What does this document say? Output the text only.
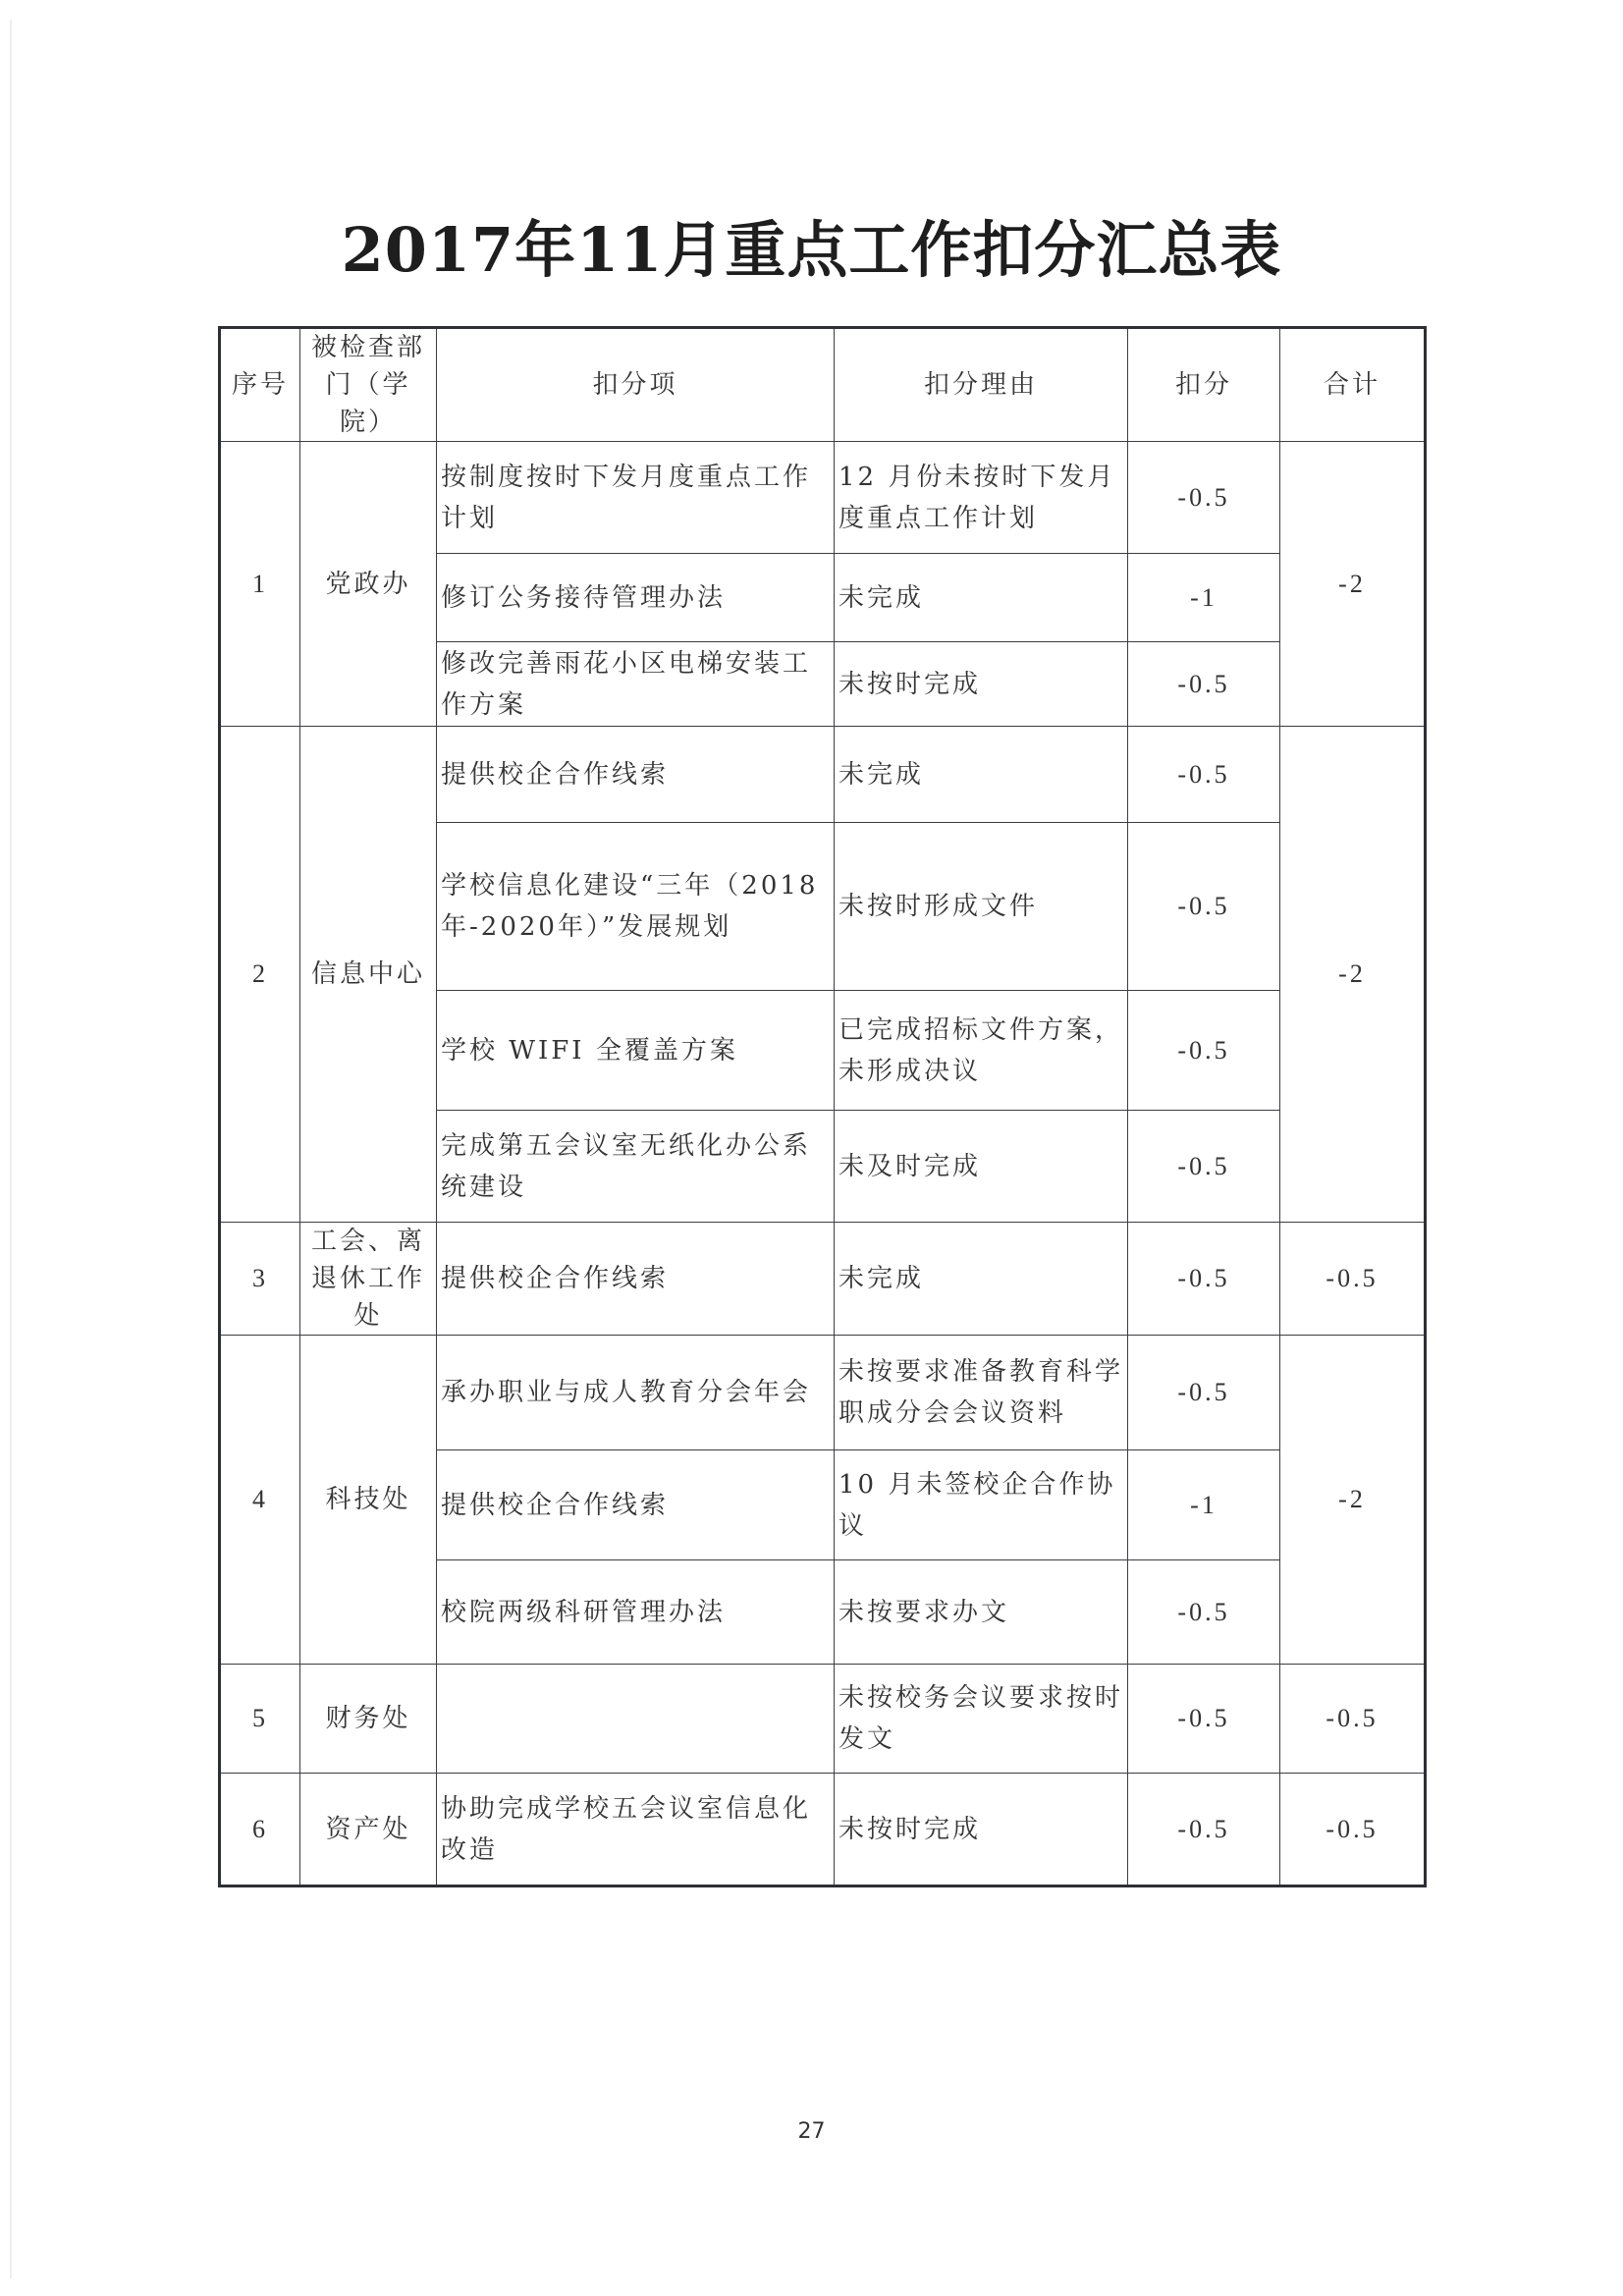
2017年11月重点工作扣分汇总表
序号	被检查部门（学院）	扣分项	扣分理由	扣分	合计
1	党政办	按制度按时下发月度重点工作计划	12 月份未按时下发月度重点工作计划	-0.5	-2
		修订公务接待管理办法	未完成	-1	
		修改完善雨花小区电梯安装工作方案	未按时完成	-0.5	
2	信息中心	提供校企合作线索	未完成	-0.5	-2
		学校信息化建设“三年（2018年-2020年）”发展规划	未按时形成文件	-0.5	
		学校 WIFI 全覆盖方案	已完成招标文件方案，未形成决议	-0.5	
		完成第五会议室无纸化办公系统建设	未及时完成	-0.5	
3	工会、离退休工作处	提供校企合作线索	未完成	-0.5	-0.5
4	科技处	承办职业与成人教育分会年会	未按要求准备教育科学职成分会会议资料	-0.5	-2
		提供校企合作线索	10 月未签校企合作协议	-1	
		校院两级科研管理办法	未按要求办文	-0.5	
5	财务处		未按校务会议要求按时发文	-0.5	-0.5
6	资产处	协助完成学校五会议室信息化改造	未按时完成	-0.5	-0.5
27
